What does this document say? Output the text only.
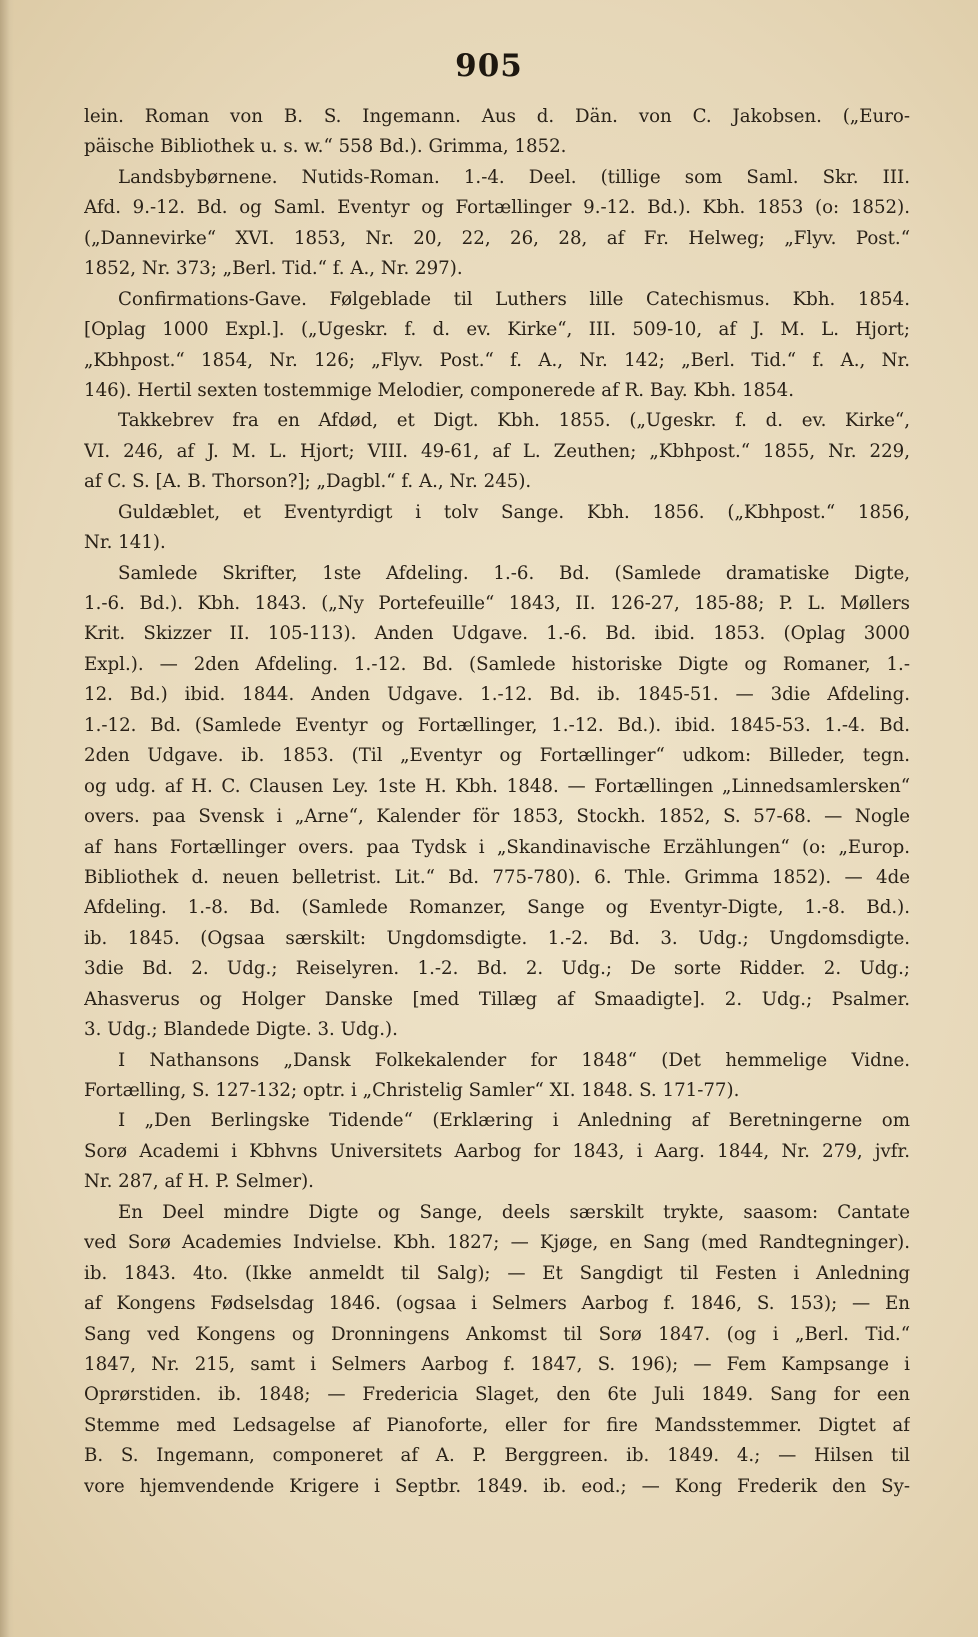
905
lein. Roman von B. S. Ingemann. Aus d. Dän. von C. Jakobsen. („Euro-
päische Bibliothek u. s. w.“ 558 Bd.). Grimma, 1852.
Landsbybørnene. Nutids-Roman. 1.-4. Deel. (tillige som Saml. Skr. III.
Afd. 9.-12. Bd. og Saml. Eventyr og Fortællinger 9.-12. Bd.). Kbh. 1853 (o: 1852).
(„Dannevirke“ XVI. 1853, Nr. 20, 22, 26, 28, af Fr. Helweg; „Flyv. Post.“
1852, Nr. 373; „Berl. Tid.“ f. A., Nr. 297).
Confirmations-Gave. Følgeblade til Luthers lille Catechismus. Kbh. 1854.
[Oplag 1000 Expl.]. („Ugeskr. f. d. ev. Kirke“, III. 509-10, af J. M. L. Hjort;
„Kbhpost.“ 1854, Nr. 126; „Flyv. Post.“ f. A., Nr. 142; „Berl. Tid.“ f. A., Nr.
146). Hertil sexten tostemmige Melodier, componerede af R. Bay. Kbh. 1854.
Takkebrev fra en Afdød, et Digt. Kbh. 1855. („Ugeskr. f. d. ev. Kirke“,
VI. 246, af J. M. L. Hjort; VIII. 49-61, af L. Zeuthen; „Kbhpost.“ 1855, Nr. 229,
af C. S. [A. B. Thorson?]; „Dagbl.“ f. A., Nr. 245).
Guldæblet, et Eventyrdigt i tolv Sange. Kbh. 1856. („Kbhpost.“ 1856,
Nr. 141).
Samlede Skrifter, 1ste Afdeling. 1.-6. Bd. (Samlede dramatiske Digte,
1.-6. Bd.). Kbh. 1843. („Ny Portefeuille“ 1843, II. 126-27, 185-88; P. L. Møllers
Krit. Skizzer II. 105-113). Anden Udgave. 1.-6. Bd. ibid. 1853. (Oplag 3000
Expl.). — 2den Afdeling. 1.-12. Bd. (Samlede historiske Digte og Romaner, 1.-
12. Bd.) ibid. 1844. Anden Udgave. 1.-12. Bd. ib. 1845-51. — 3die Afdeling.
1.-12. Bd. (Samlede Eventyr og Fortællinger, 1.-12. Bd.). ibid. 1845-53. 1.-4. Bd.
2den Udgave. ib. 1853. (Til „Eventyr og Fortællinger“ udkom: Billeder, tegn.
og udg. af H. C. Clausen Ley. 1ste H. Kbh. 1848. — Fortællingen „Linnedsamlersken“
overs. paa Svensk i „Arne“, Kalender för 1853, Stockh. 1852, S. 57-68. — Nogle
af hans Fortællinger overs. paa Tydsk i „Skandinavische Erzählungen“ (o: „Europ.
Bibliothek d. neuen belletrist. Lit.“ Bd. 775-780). 6. Thle. Grimma 1852). — 4de
Afdeling. 1.-8. Bd. (Samlede Romanzer, Sange og Eventyr-Digte, 1.-8. Bd.).
ib. 1845. (Ogsaa særskilt: Ungdomsdigte. 1.-2. Bd. 3. Udg.; Ungdomsdigte.
3die Bd. 2. Udg.; Reiselyren. 1.-2. Bd. 2. Udg.; De sorte Ridder. 2. Udg.;
Ahasverus og Holger Danske [med Tillæg af Smaadigte]. 2. Udg.; Psalmer.
3. Udg.; Blandede Digte. 3. Udg.).
I Nathansons „Dansk Folkekalender for 1848“ (Det hemmelige Vidne.
Fortælling, S. 127-132; optr. i „Christelig Samler“ XI. 1848. S. 171-77).
I „Den Berlingske Tidende“ (Erklæring i Anledning af Beretningerne om
Sorø Academi i Kbhvns Universitets Aarbog for 1843, i Aarg. 1844, Nr. 279, jvfr.
Nr. 287, af H. P. Selmer).
En Deel mindre Digte og Sange, deels særskilt trykte, saasom: Cantate
ved Sorø Academies Indvielse. Kbh. 1827; — Kjøge, en Sang (med Randtegninger).
ib. 1843. 4to. (Ikke anmeldt til Salg); — Et Sangdigt til Festen i Anledning
af Kongens Fødselsdag 1846. (ogsaa i Selmers Aarbog f. 1846, S. 153); — En
Sang ved Kongens og Dronningens Ankomst til Sorø 1847. (og i „Berl. Tid.“
1847, Nr. 215, samt i Selmers Aarbog f. 1847, S. 196); — Fem Kampsange i
Oprørstiden. ib. 1848; — Fredericia Slaget, den 6te Juli 1849. Sang for een
Stemme med Ledsagelse af Pianoforte, eller for fire Mandsstemmer. Digtet af
B. S. Ingemann, componeret af A. P. Berggreen. ib. 1849. 4.; — Hilsen til
vore hjemvendende Krigere i Septbr. 1849. ib. eod.; — Kong Frederik den Sy-
